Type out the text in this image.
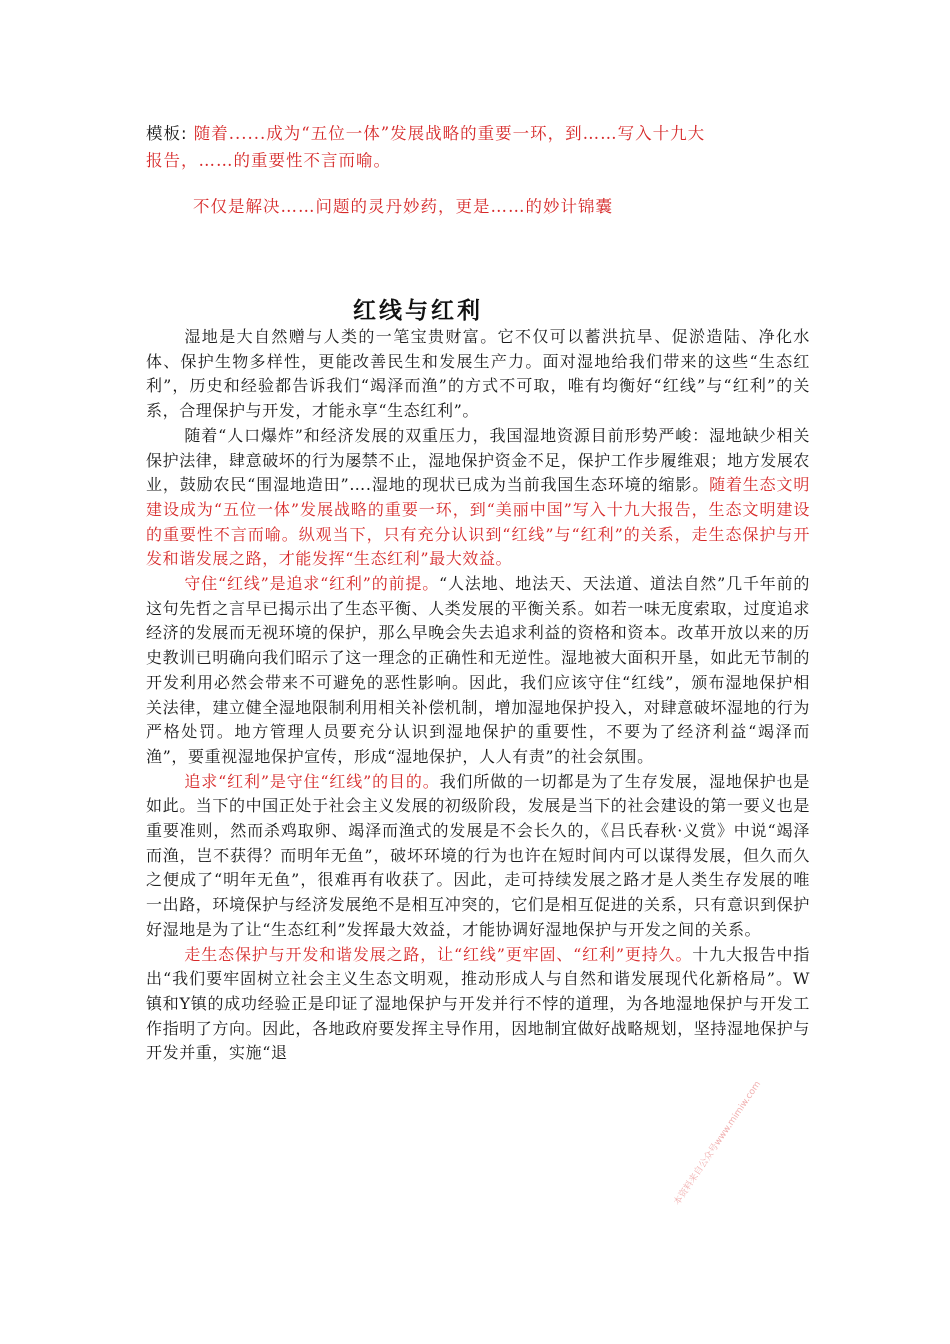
模板: 随着......成为“五位一体”发展战略的重要一环，到……写入十九大
报告，……的重要性不言而喻。
不仅是解决……问题的灵丹妙药，更是……的妙计锦囊
红线与红利

湿地是大自然赠与人类的一笔宝贵财富。它不仅可以蓄洪抗旱、促淤造陆、净化水体、保护生物多样性，更能改善民生和发展生产力。面对湿地给我们带来的这些“生态红利”，历史和经验都告诉我们“竭泽而渔”的方式不可取，唯有均衡好“红线”与“红利”的关系，合理保护与开发，才能永享“生态红利”。

随着“人口爆炸”和经济发展的双重压力，我国湿地资源目前形势严峻：湿地缺少相关保护法律，肆意破坏的行为屡禁不止，湿地保护资金不足，保护工作步履维艰；地方发展农业，鼓励农民“围湿地造田”….湿地的现状已成为当前我国生态环境的缩影。随着生态文明建设成为“五位一体”发展战略的重要一环，到“美丽中国”写入十九大报告，生态文明建设的重要性不言而喻。纵观当下，只有充分认识到“红线”与“红利”的关系，走生态保护与开发和谐发展之路，才能发挥“生态红利”最大效益。

守住“红线”是追求“红利”的前提。“人法地、地法天、天法道、道法自然”几千年前的这句先哲之言早已揭示出了生态平衡、人类发展的平衡关系。如若一味无度索取，过度追求经济的发展而无视环境的保护，那么早晚会失去追求利益的资格和资本。改革开放以来的历史教训已明确向我们昭示了这一理念的正确性和无逆性。湿地被大面积开垦，如此无节制的开发利用必然会带来不可避免的恶性影响。因此，我们应该守住“红线”，颁布湿地保护相关法律，建立健全湿地限制利用相关补偿机制，增加湿地保护投入，对肆意破坏湿地的行为严格处罚。地方管理人员要充分认识到湿地保护的重要性，不要为了经济利益“竭泽而渔”，要重视湿地保护宣传，形成“湿地保护，人人有责”的社会氛围。

追求“红利”是守住“红线”的目的。我们所做的一切都是为了生存发展，湿地保护也是如此。当下的中国正处于社会主义发展的初级阶段，发展是当下的社会建设的第一要义也是重要准则，然而杀鸡取卵、竭泽而渔式的发展是不会长久的，《吕氏春秋·义赏》中说“竭泽而渔，岂不获得？而明年无鱼”，破坏环境的行为也许在短时间内可以谋得发展，但久而久之便成了“明年无鱼”，很难再有收获了。因此，走可持续发展之路才是人类生存发展的唯一出路，环境保护与经济发展绝不是相互冲突的，它们是相互促进的关系，只有意识到保护好湿地是为了让“生态红利”发挥最大效益，才能协调好湿地保护与开发之间的关系。

走生态保护与开发和谐发展之路，让“红线”更牢固、“红利”更持久。十九大报告中指出“我们要牢固树立社会主义生态文明观，推动形成人与自然和谐发展现代化新格局”。W镇和Y镇的成功经验正是印证了湿地保护与开发并行不悖的道理，为各地湿地保护与开发工作指明了方向。因此，各地政府要发挥主导作用，因地制宜做好战略规划，坚持湿地保护与开发并重，实施“退

本资料来自公众号www.mimiw.com
